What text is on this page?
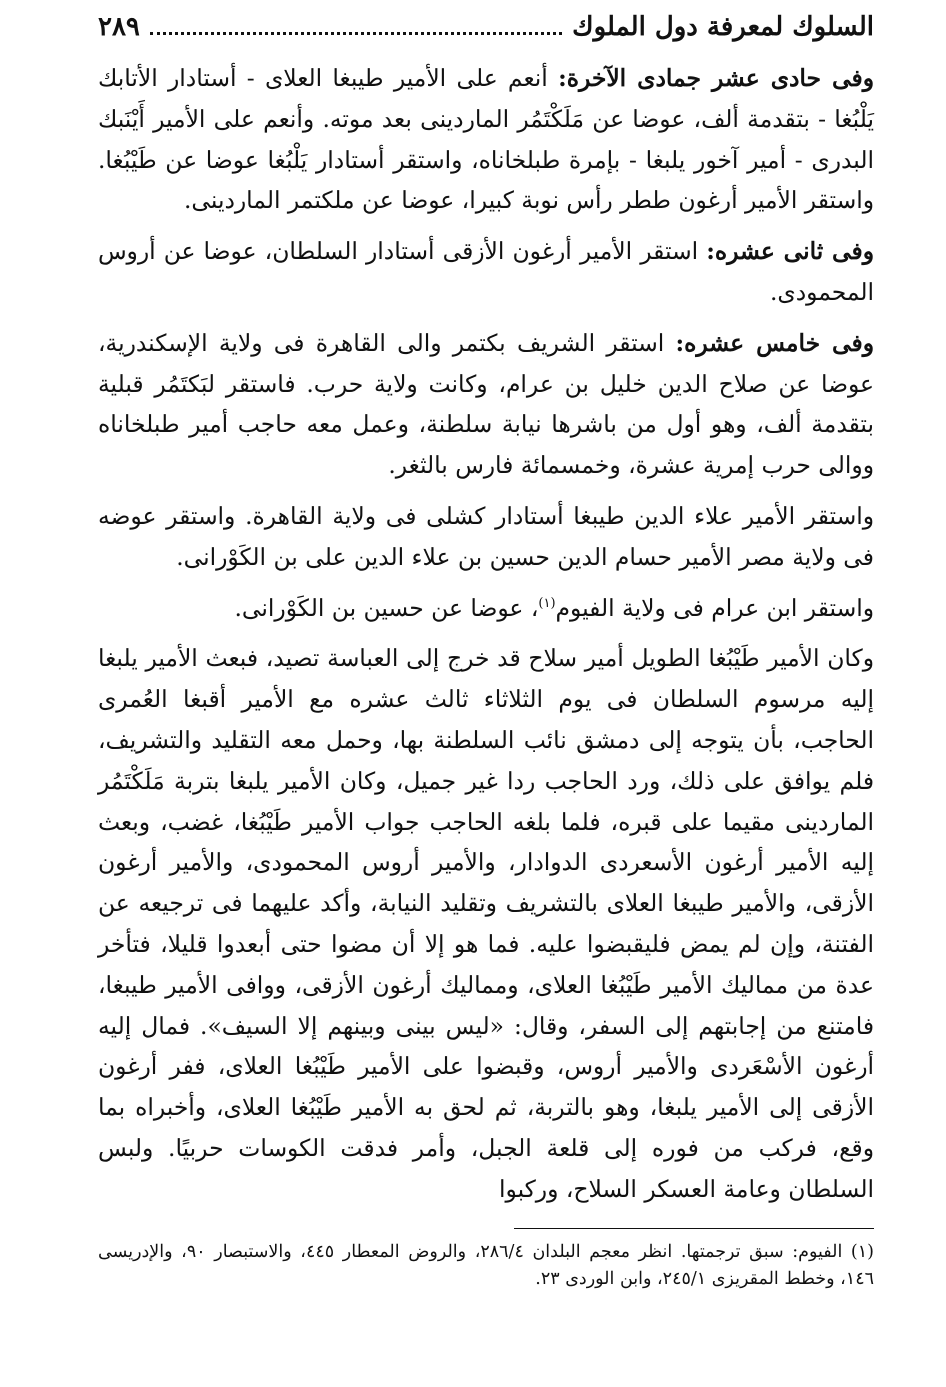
السلوك لمعرفة دول الملوك
٢٨٩

وفى حادى عشر جمادى الآخرة: أنعم على الأمير طيبغا العلاى - أستادار الأتابك يَلْبُغا - بتقدمة ألف، عوضا عن مَلَكْتَمُر الماردينى بعد موته. وأنعم على الأمير أَيْنَبك البدرى - أمير آخور يلبغا - بإمرة طبلخاناه، واستقر أستادار يَلْبُغا عوضا عن طَيْبُغا. واستقر الأمير أرغون ططر رأس نوبة كبيرا، عوضا عن ملكتمر الماردينى.

وفى ثانى عشره: استقر الأمير أرغون الأزقى أستادار السلطان، عوضا عن أروس المحمودى.

وفى خامس عشره: استقر الشريف بكتمر والى القاهرة فى ولاية الإسكندرية، عوضا عن صلاح الدين خليل بن عرام، وكانت ولاية حرب. فاستقر لبَكتَمُر قبلية بتقدمة ألف، وهو أول من باشرها نيابة سلطنة، وعمل معه حاجب أمير طبلخاناه ووالى حرب إمرية عشرة، وخمسمائة فارس بالثغر.

واستقر الأمير علاء الدين طيبغا أستادار كشلى فى ولاية القاهرة. واستقر عوضه فى ولاية مصر الأمير حسام الدين حسين بن علاء الدين على بن الكَوْرانى.

واستقر ابن عرام فى ولاية الفيوم$^{(١)}$، عوضا عن حسين بن الكَوْرانى.

وكان الأمير طَيْبُغا الطويل أمير سلاح قد خرج إلى العباسة تصيد، فبعث الأمير يلبغا إليه مرسوم السلطان فى يوم الثلاثاء ثالث عشره مع الأمير أقبغا العُمرى الحاجب، بأن يتوجه إلى دمشق نائب السلطنة بها، وحمل معه التقليد والتشريف، فلم يوافق على ذلك، ورد الحاجب ردا غير جميل، وكان الأمير يلبغا بتربة مَلَكْتَمُر الماردينى مقيما على قبره، فلما بلغه الحاجب جواب الأمير طَيْبُغا، غضب، وبعث إليه الأمير أرغون الأسعردى الدوادار، والأمير أروس المحمودى، والأمير أرغون الأزقى، والأمير طيبغا العلاى بالتشريف وتقليد النيابة، وأكد عليهما فى ترجيعه عن الفتنة، وإن لم يمض فليقبضوا عليه. فما هو إلا أن مضوا حتى أبعدوا قليلا، فتأخر عدة من مماليك الأمير طَيْبُغا العلاى، ومماليك أرغون الأزقى، ووافى الأمير طيبغا، فامتنع من إجابتهم إلى السفر، وقال: «ليس بينى وبينهم إلا السيف». فمال إليه أرغون الأسْعَردى والأمير أروس، وقبضوا على الأمير طَيْبُغا العلاى، ففر أرغون الأزقى إلى الأمير يلبغا، وهو بالتربة، ثم لحق به الأمير طَيْبُغا العلاى، وأخبراه بما وقع، فركب من فوره إلى قلعة الجبل، وأمر فدقت الكوسات حربيًا. ولبس السلطان وعامة العسكر السلاح، وركبوا

(١) الفيوم: سبق ترجمتها. انظر معجم البلدان ٢٨٦/٤، والروض المعطار ٤٤٥، والاستبصار ٩٠، والإدريسى ١٤٦، وخطط المقريزى ٢٤٥/١، وابن الوردى ٢٣.
